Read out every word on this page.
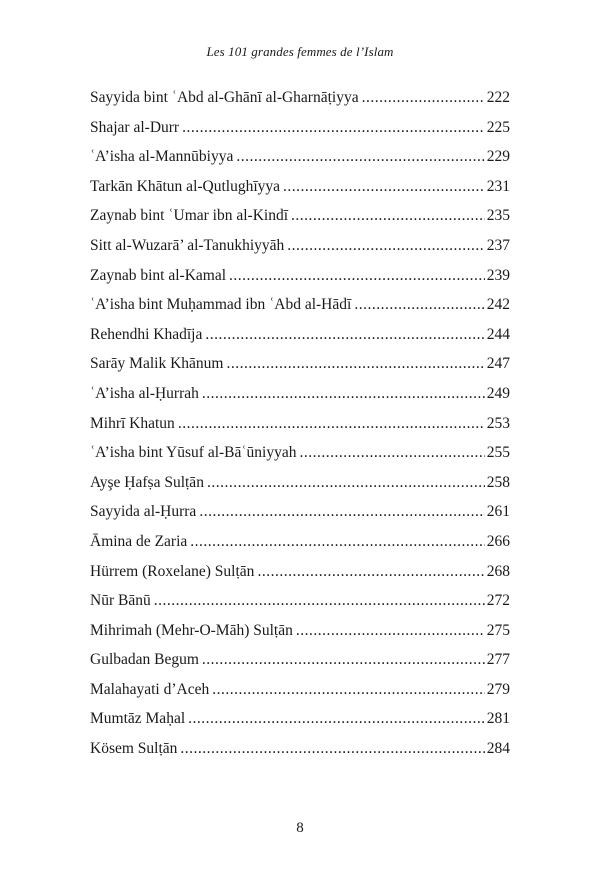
Les 101 grandes femmes de l’Islam
Sayyida bint ʿAbd al-Ghānī al-Gharnāṭiyya .....	222
Shajar al-Durr .....	225
ʿA’isha al-Mannūbiyya .....	229
Tarkān Khātun al-Qutlughīyya .....	231
Zaynab bint ʿUmar ibn al-Kindī .....	235
Sitt al-Wuzarā’ al-Tanukhiyyāh .....	237
Zaynab bint al-Kamal .....	239
ʿA’isha bint Muḥammad ibn ʿAbd al-Hādī .....	242
Rehendhi Khadīja .....	244
Sarāy Malik Khānum .....	247
ʿA’isha al-Ḥurrah .....	249
Mihrī Khatun .....	253
ʿA’isha bint Yūsuf al-Bāʿūniyyah .....	255
Ayşe Ḥafṣa Sulṭān .....	258
Sayyida al-Ḥurra .....	261
Āmina de Zaria .....	266
Hürrem (Roxelane) Sulṭān .....	268
Nūr Bānū .....	272
Mihrimah (Mehr-O-Māh) Sulṭān .....	275
Gulbadan Begum .....	277
Malahayati d’Aceh .....	279
Mumtāz Maḥal .....	281
Kösem Sulṭān .....	284
8
